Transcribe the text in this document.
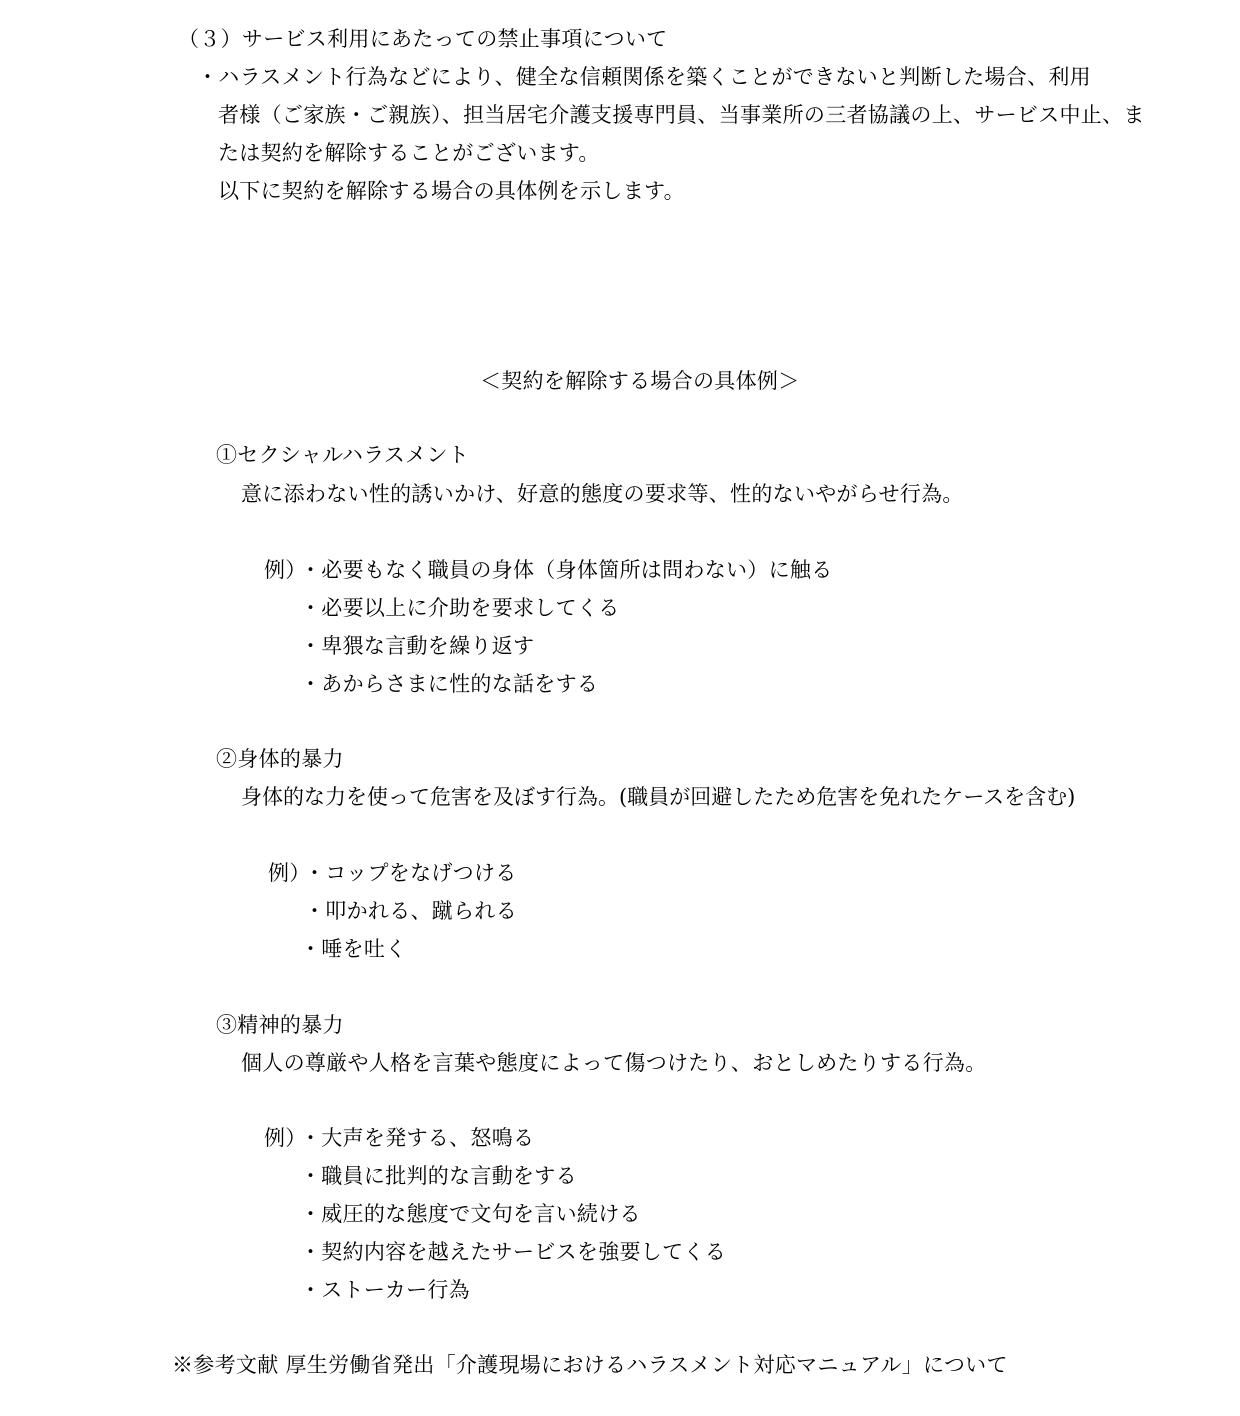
（３）サービス利用にあたっての禁止事項について

・ハラスメント行為などにより、健全な信頼関係を築くことができないと判断した場合、利用

者様（ご家族・ご親族）、担当居宅介護支援専門員、当事業所の三者協議の上、サービス中止、ま

たは契約を解除することがございます。

以下に契約を解除する場合の具体例を示します。

＜契約を解除する場合の具体例＞

①セクシャルハラスメント

意に添わない性的誘いかけ、好意的態度の要求等、性的ないやがらせ行為。

例）

・必要もなく職員の身体（身体箇所は問わない）に触る

・必要以上に介助を要求してくる

・卑猥な言動を繰り返す

・あからさまに性的な話をする

②身体的暴力

身体的な力を使って危害を及ぼす行為。(職員が回避したため危害を免れたケースを含む)

例）

・コップをなげつける

・叩かれる、蹴られる

・唾を吐く

③精神的暴力

個人の尊厳や人格を言葉や態度によって傷つけたり、おとしめたりする行為。

例）

・大声を発する、怒鳴る

・職員に批判的な言動をする

・威圧的な態度で文句を言い続ける

・契約内容を越えたサービスを強要してくる

・ストーカー行為

※参考文献 厚生労働省発出「介護現場におけるハラスメント対応マニュアル」について
